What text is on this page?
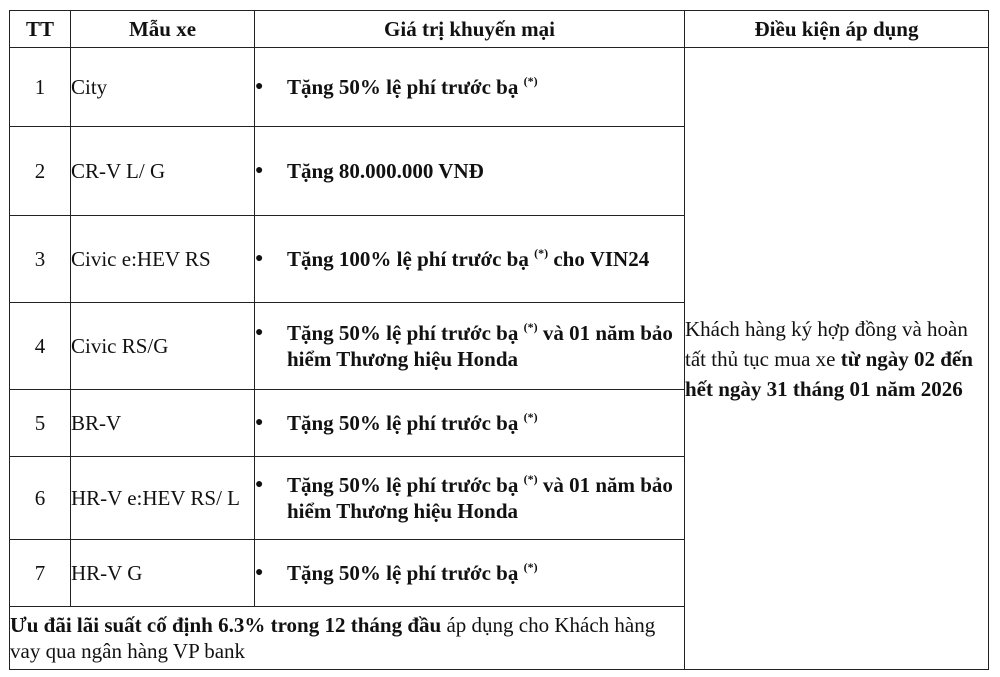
TT	Mẫu xe	Giá trị khuyến mại	Điều kiện áp dụng
1	City	● Tặng 50% lệ phí trước bạ (*)	Khách hàng ký hợp đồng và hoàn tất thủ tục mua xe từ ngày 02 đến hết ngày 31 tháng 01 năm 2026
2	CR-V L/ G	● Tặng 80.000.000 VNĐ	

3	Civic e:HEV RS	● Tặng 100% lệ phí trước bạ (*) cho VIN24	

4	Civic RS/G	● Tặng 50% lệ phí trước bạ (*) và 01 năm bảo hiểm Thương hiệu Honda	

5	BR-V	● Tặng 50% lệ phí trước bạ (*)

6	HR-V e:HEV RS/ L	● Tặng 50% lệ phí trước bạ (*) và 01 năm bảo hiểm Thương hiệu Honda	

7	HR-V G	● Tặng 50% lệ phí trước bạ (*)

Ưu đãi lãi suất cố định 6.3% trong 12 tháng đầu áp dụng cho Khách hàng vay qua ngân hàng VP bank			
